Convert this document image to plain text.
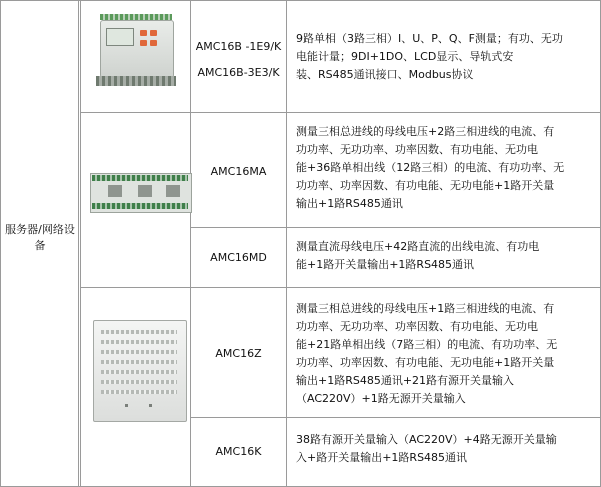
服务器/网络设备
AMC16B -1E9/K
AMC16B-3E3/K
AMC16MA
AMC16MD
AMC16Z
AMC16K
9路单相（3路三相）I、U、P、Q、F测量；有功、无功
电能计量；9DI+1DO、LCD显示、导轨式安
装、RS485通讯接口、Modbus协议
测量三相总进线的母线电压+2路三相进线的电流、有
功功率、无功功率、功率因数、有功电能、无功电
能+36路单相出线（12路三相）的电流、有功功率、无
功功率、功率因数、有功电能、无功电能+1路开关量
输出+1路RS485通讯
测量直流母线电压+42路直流的出线电流、有功电
能+1路开关量输出+1路RS485通讯
测量三相总进线的母线电压+1路三相进线的电流、有
功功率、无功功率、功率因数、有功电能、无功电
能+21路单相出线（7路三相）的电流、有功功率、无
功功率、功率因数、有功电能、无功电能+1路开关量
输出+1路RS485通讯+21路有源开关量输入
（AC220V）+1路无源开关量输入
38路有源开关量输入（AC220V）+4路无源开关量输
入+路开关量输出+1路RS485通讯
